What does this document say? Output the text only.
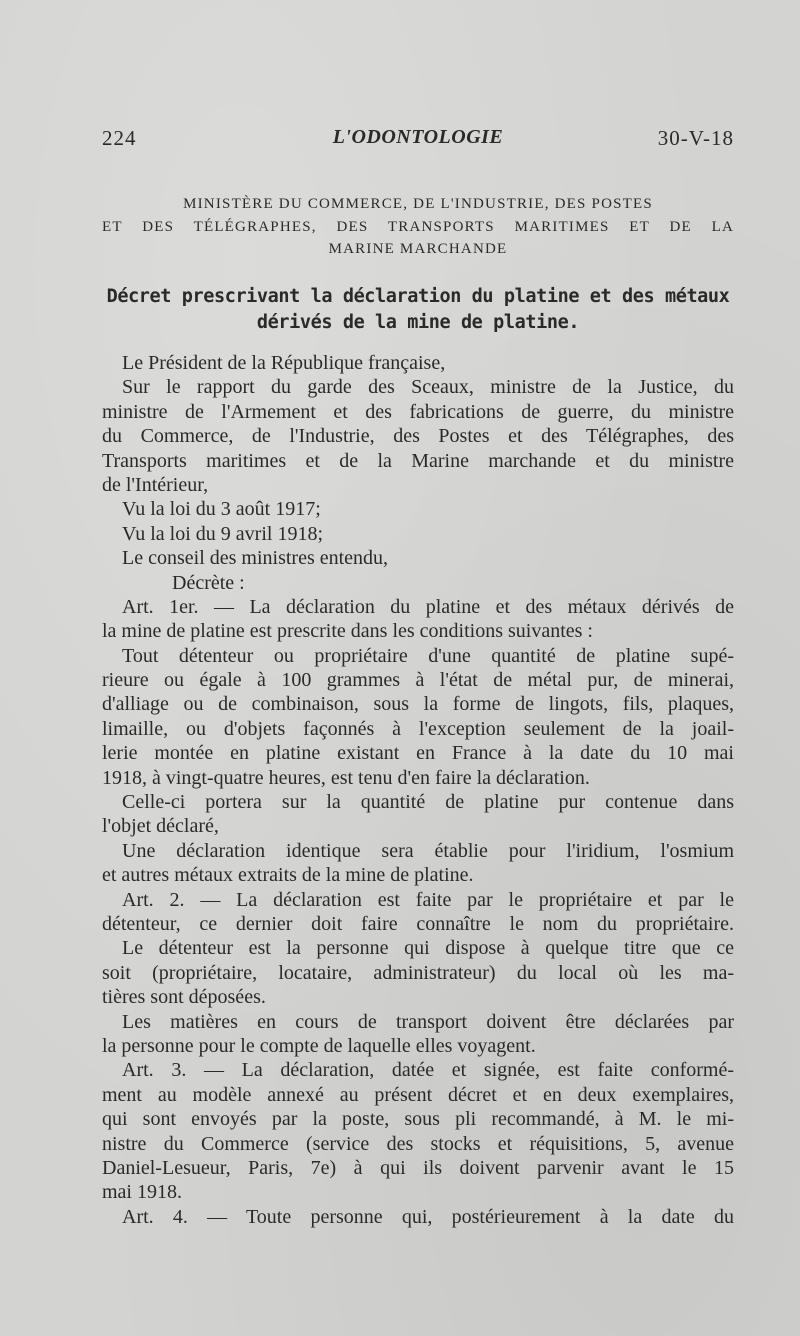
224	L'ODONTOLOGIE	30-V-18
MINISTÈRE DU COMMERCE, DE L'INDUSTRIE, DES POSTES
ET DES TÉLÉGRAPHES, DES TRANSPORTS MARITIMES ET DE LA
MARINE MARCHANDE
Décret prescrivant la déclaration du platine et des métaux
dérivés de la mine de platine.
Le Président de la République française,
Sur le rapport du garde des Sceaux, ministre de la Justice, du
ministre de l'Armement et des fabrications de guerre, du ministre
du Commerce, de l'Industrie, des Postes et des Télégraphes, des
Transports maritimes et de la Marine marchande et du ministre
de l'Intérieur,
Vu la loi du 3 août 1917;
Vu la loi du 9 avril 1918;
Le conseil des ministres entendu,
Décrète :
Art. 1er. — La déclaration du platine et des métaux dérivés de
la mine de platine est prescrite dans les conditions suivantes :
Tout détenteur ou propriétaire d'une quantité de platine supé-
rieure ou égale à 100 grammes à l'état de métal pur, de minerai,
d'alliage ou de combinaison, sous la forme de lingots, fils, plaques,
limaille, ou d'objets façonnés à l'exception seulement de la joail-
lerie montée en platine existant en France à la date du 10 mai
1918, à vingt-quatre heures, est tenu d'en faire la déclaration.
Celle-ci portera sur la quantité de platine pur contenue dans
l'objet déclaré,
Une déclaration identique sera établie pour l'iridium, l'osmium
et autres métaux extraits de la mine de platine.
Art. 2. — La déclaration est faite par le propriétaire et par le
détenteur, ce dernier doit faire connaître le nom du propriétaire.
Le détenteur est la personne qui dispose à quelque titre que ce
soit (propriétaire, locataire, administrateur) du local où les ma-
tières sont déposées.
Les matières en cours de transport doivent être déclarées par
la personne pour le compte de laquelle elles voyagent.
Art. 3. — La déclaration, datée et signée, est faite conformé-
ment au modèle annexé au présent décret et en deux exemplaires,
qui sont envoyés par la poste, sous pli recommandé, à M. le mi-
nistre du Commerce (service des stocks et réquisitions, 5, avenue
Daniel-Lesueur, Paris, 7e) à qui ils doivent parvenir avant le 15
mai 1918.
Art. 4. — Toute personne qui, postérieurement à la date du
